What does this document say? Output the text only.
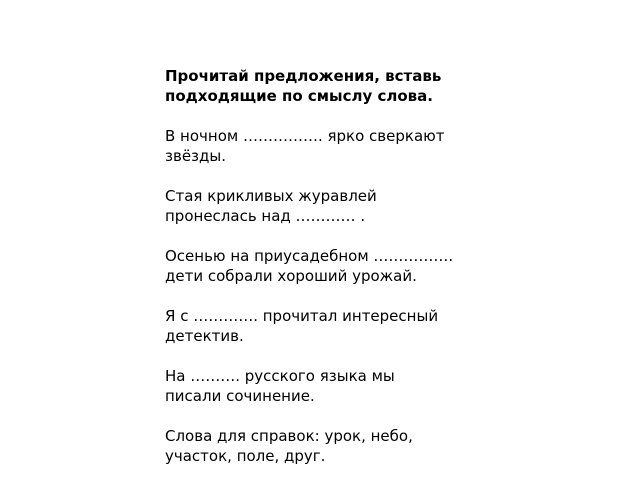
Прочитай предложения, вставь
подходящие по смыслу слова.

В ночном ……………. ярко сверкают
звёзды.

Стая крикливых журавлей
пронеслась над ………… .

Осенью на приусадебном …………….
дети собрали хороший урожай.

Я с …………. прочитал интересный
детектив.

На ………. русского языка мы
писали сочинение.

Слова для справок: урок, небо,
участок, поле, друг.
